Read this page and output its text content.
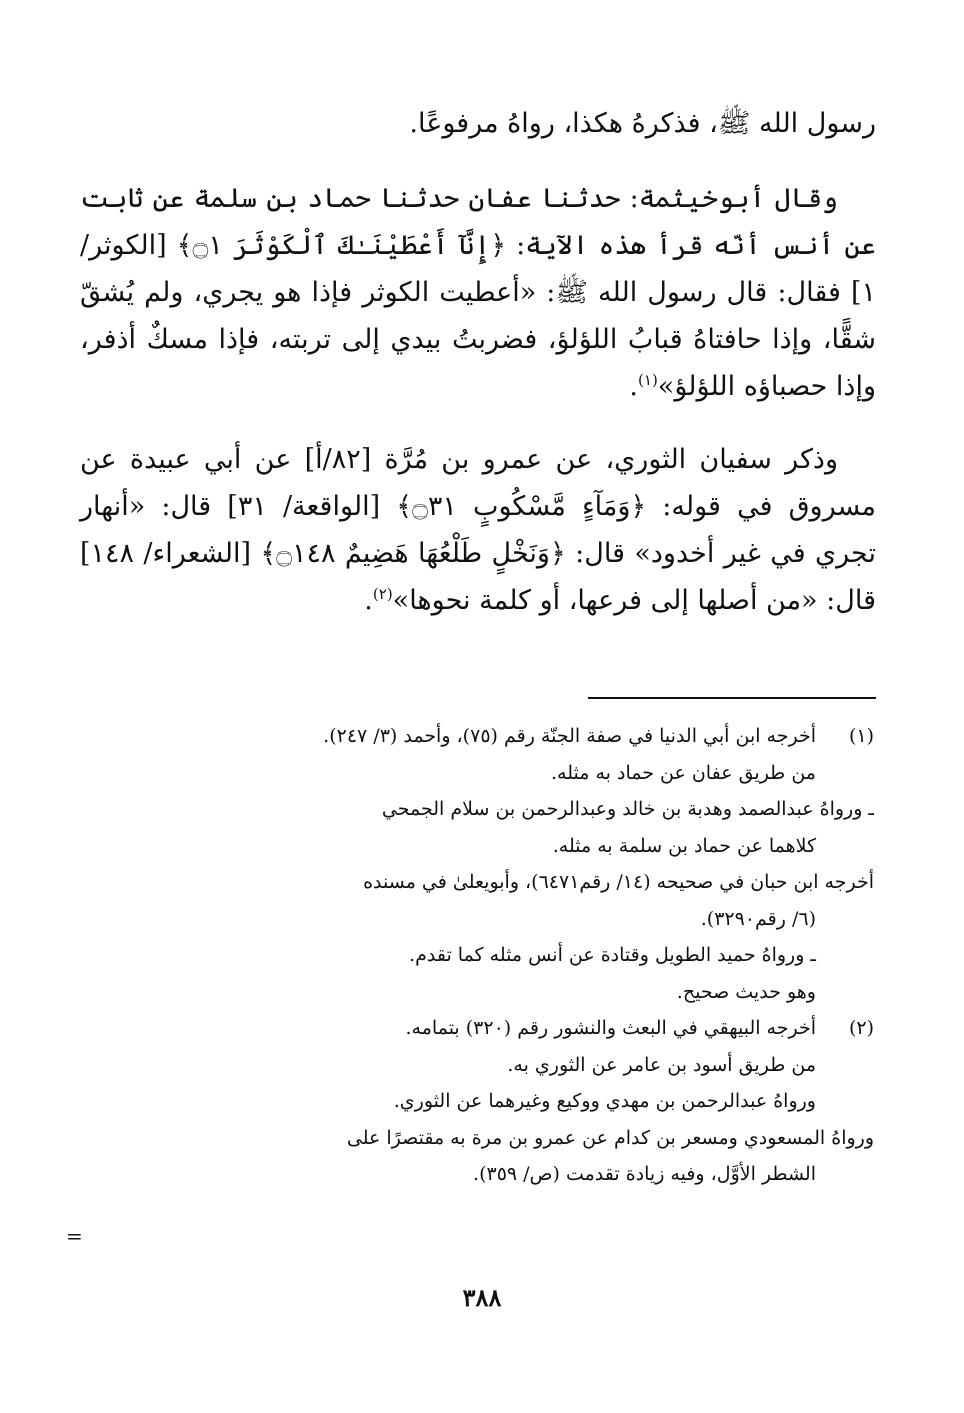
رسول الله ﷺ، فذكرهُ هكذا، رواهُ مرفوعًا.

وقال أبوخيثمة: حدثنا عفان حدثنا حماد بن سلمة عن ثابت عن أنس أنّه قرأ هذه الآية: ﴿إِنَّآ أَعْطَيْنَـٰكَ ٱلْكَوْثَرَ ۝١﴾ [الكوثر/ ١] فقال: قال رسول الله ﷺ: «أعطيت الكوثر فإذا هو يجري، ولم يُشقّ شقًّا، وإذا حافتاهُ قبابُ اللؤلؤ، فضربتُ بيدي إلى تربته، فإذا مسكٌ أذفر، وإذا حصباؤه اللؤلؤ»$^{(١)}$.

وذكر سفيان الثوري، عن عمرو بن مُرَّة [٨٢/أ] عن أبي عبيدة عن مسروق في قوله: ﴿وَمَآءٍ مَّسْكُوبٍ ۝٣١﴾ [الواقعة/ ٣١] قال: «أنهار تجري في غير أخدود» قال: ﴿وَنَخْلٍ طَلْعُهَا هَضِيمٌ ۝١٤٨﴾ [الشعراء/ ١٤٨] قال: «من أصلها إلى فرعها، أو كلمة نحوها»$^{(٢)}$.

(١)أخرجه ابن أبي الدنيا في صفة الجنّة رقم (٧٥)، وأحمد (٣/ ٢٤٧).
من طريق عفان عن حماد به مثله.
ـ ورواهُ عبدالصمد وهدبة بن خالد وعبدالرحمن بن سلام الجمحي
كلاهما عن حماد بن سلمة به مثله.
أخرجه ابن حبان في صحيحه (١٤/ رقم٦٤٧١)، وأبويعلىٰ في مسنده
(٦/ رقم٣٢٩٠).
ـ ورواهُ حميد الطويل وقتادة عن أنس مثله كما تقدم.
وهو حديث صحيح.
(٢)أخرجه البيهقي في البعث والنشور رقم (٣٢٠) بتمامه.
من طريق أسود بن عامر عن الثوري به.
ورواهُ عبدالرحمن بن مهدي ووكيع وغيرهما عن الثوري.
ورواهُ المسعودي ومسعر بن كدام عن عمرو بن مرة به مقتصرًا على
الشطر الأوَّل، وفيه زيادة تقدمت (ص/ ٣٥٩).
=
٣٨٨
